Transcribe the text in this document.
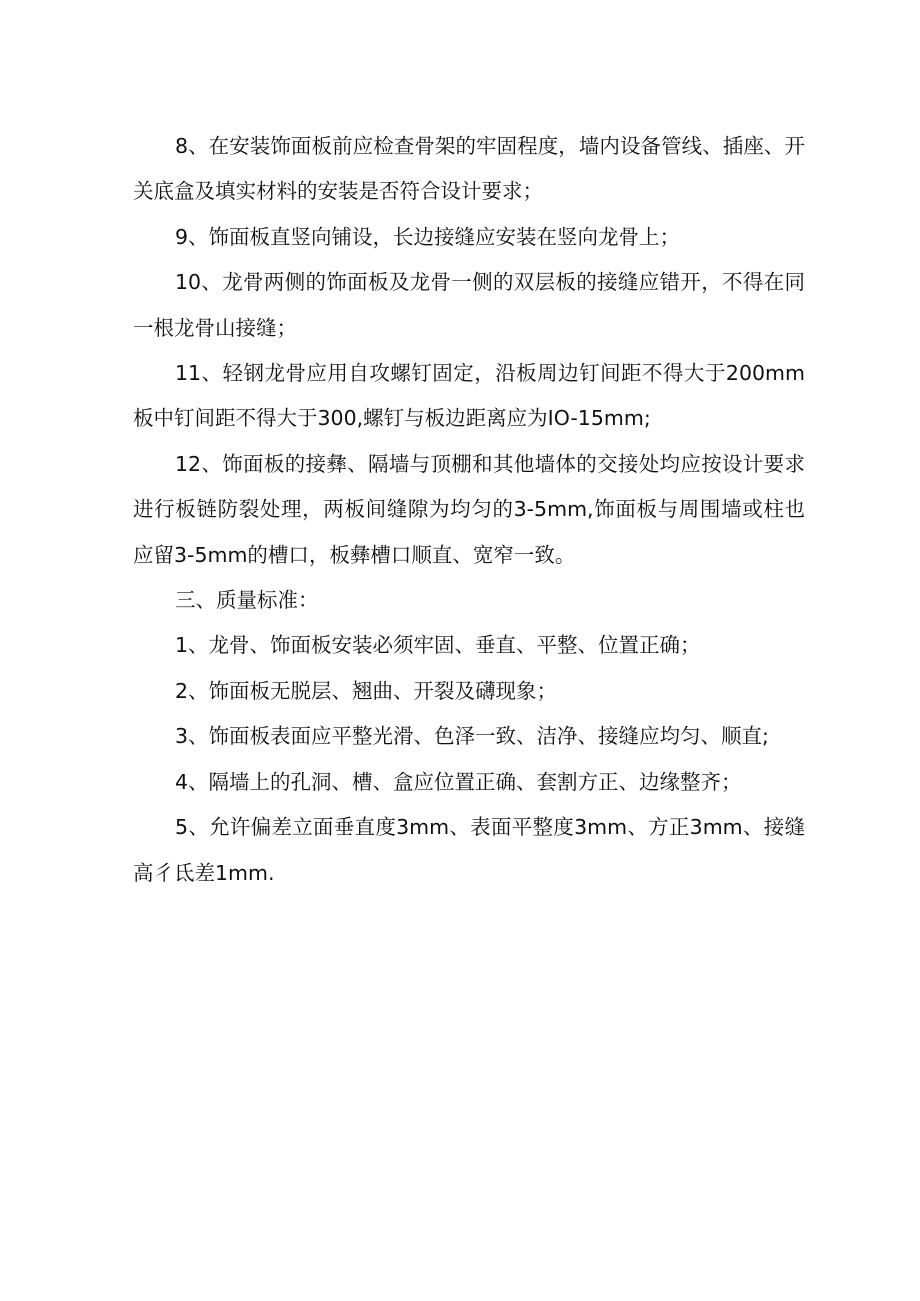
8、在安装饰面板前应检查骨架的牢固程度，墙内设备管线、插座、开关底盒及填实材料的安装是否符合设计要求；

9、饰面板直竖向铺设，长边接缝应安装在竖向龙骨上；

10、龙骨两侧的饰面板及龙骨一侧的双层板的接缝应错开，不得在同一根龙骨山接缝；

11、轻钢龙骨应用自攻螺钉固定，沿板周边钉间距不得大于200mm板中钉间距不得大于300,螺钉与板边距离应为IO-15mm;

12、饰面板的接彝、隔墙与顶棚和其他墙体的交接处均应按设计要求进行板链防裂处理，两板间缝隙为均匀的3-5mm,饰面板与周围墙或柱也应留3-5mm的槽口，板彝槽口顺直、宽窄一致。

三、质量标准：

1、龙骨、饰面板安装必须牢固、垂直、平整、位置正确；

2、饰面板无脱层、翘曲、开裂及礴现象；

3、饰面板表面应平整光滑、色泽一致、洁净、接缝应均匀、顺直;

4、隔墙上的孔洞、槽、盒应位置正确、套割方正、边缘整齐；

5、允许偏差立面垂直度3mm、表面平整度3mm、方正3mm、接缝高彳氐差1mm.
